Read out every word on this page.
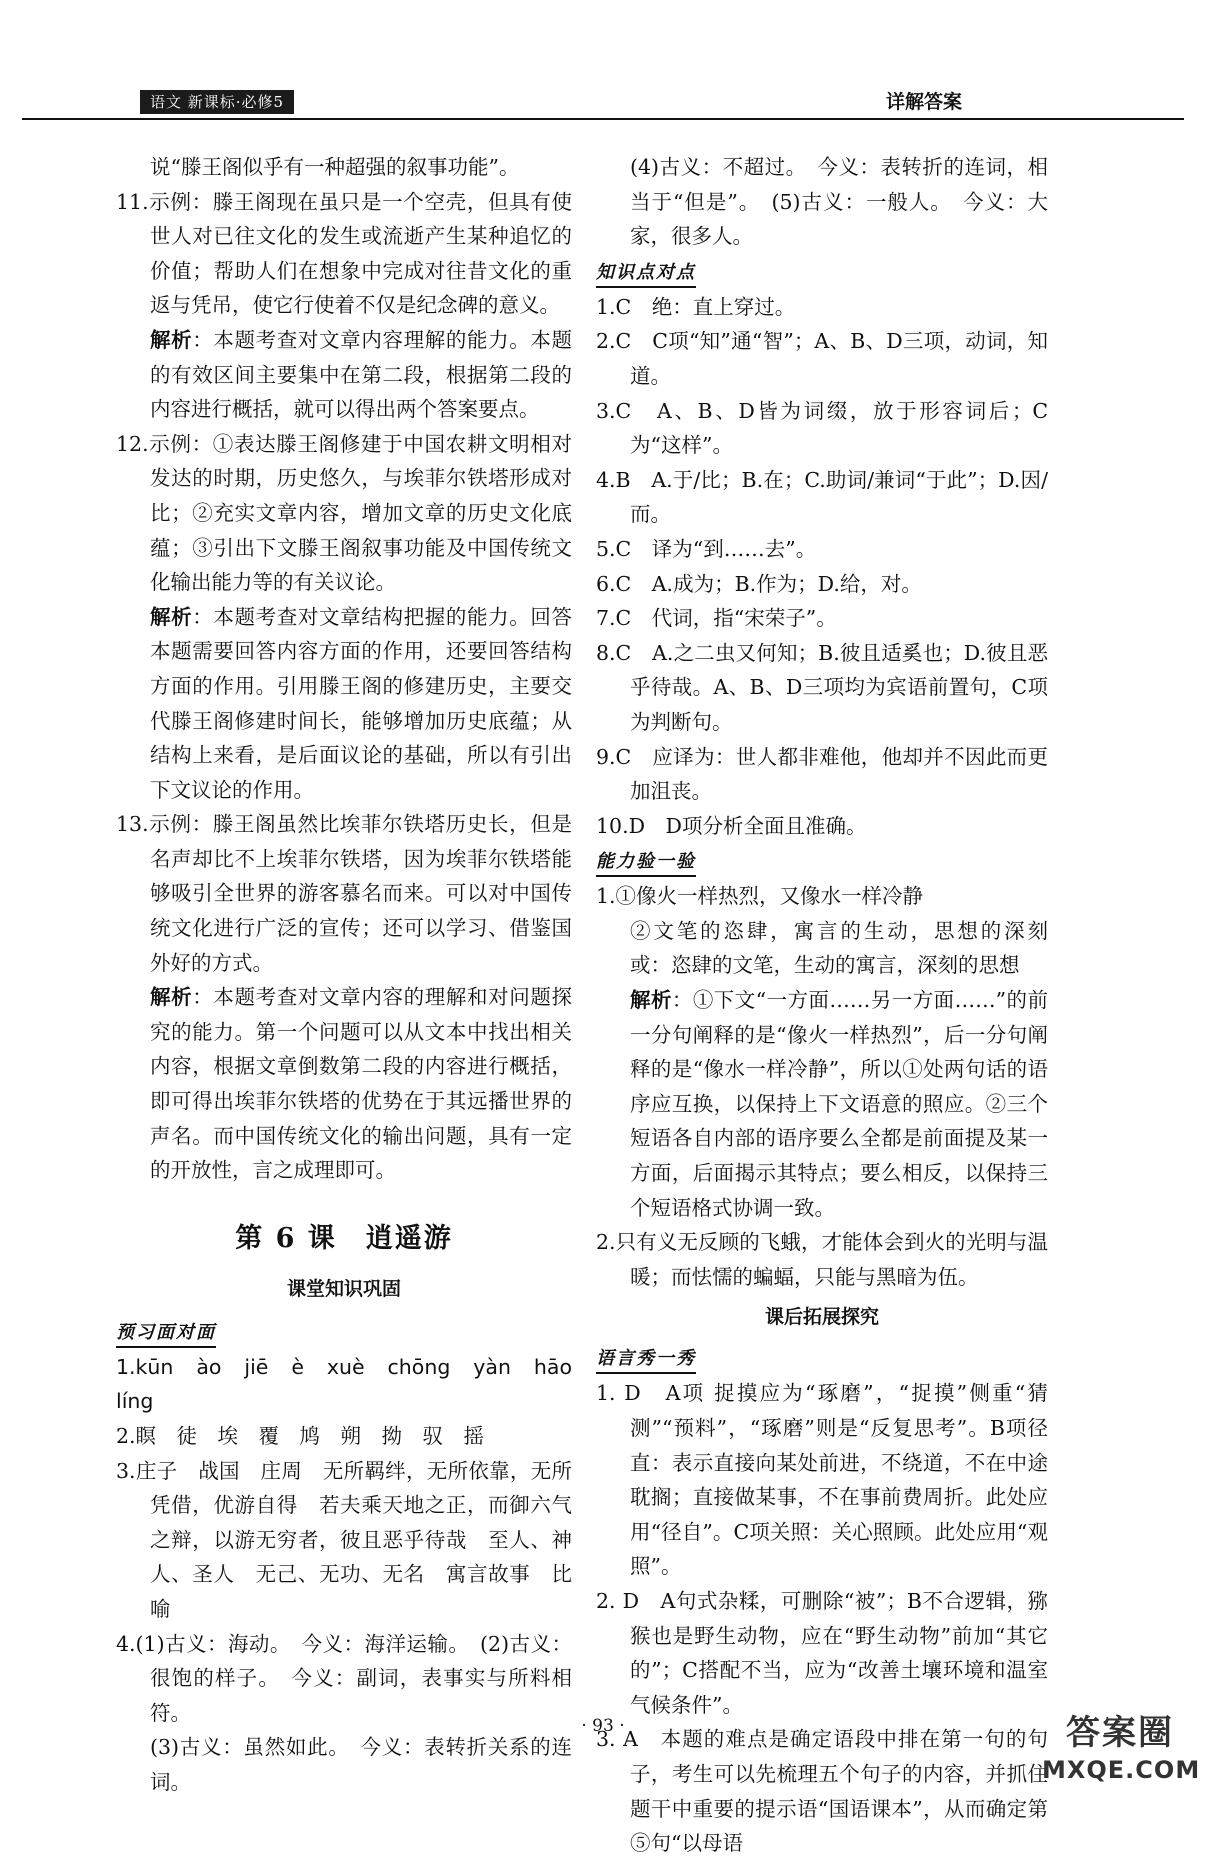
语文 新课标·必修5	详解答案

说“滕王阁似乎有一种超强的叙事功能”。

11.示例：滕王阁现在虽只是一个空壳，但具有使世人对已往文化的发生或流逝产生某种追忆的价值；帮助人们在想象中完成对往昔文化的重返与凭吊，使它行使着不仅是纪念碑的意义。

解析：本题考查对文章内容理解的能力。本题的有效区间主要集中在第二段，根据第二段的内容进行概括，就可以得出两个答案要点。

12.示例：①表达滕王阁修建于中国农耕文明相对发达的时期，历史悠久，与埃菲尔铁塔形成对比；②充实文章内容，增加文章的历史文化底蕴；③引出下文滕王阁叙事功能及中国传统文化输出能力等的有关议论。

解析：本题考查对文章结构把握的能力。回答本题需要回答内容方面的作用，还要回答结构方面的作用。引用滕王阁的修建历史，主要交代滕王阁修建时间长，能够增加历史底蕴；从结构上来看，是后面议论的基础，所以有引出下文议论的作用。

13.示例：滕王阁虽然比埃菲尔铁塔历史长，但是名声却比不上埃菲尔铁塔，因为埃菲尔铁塔能够吸引全世界的游客慕名而来。可以对中国传统文化进行广泛的宣传；还可以学习、借鉴国外好的方式。

解析：本题考查对文章内容的理解和对问题探究的能力。第一个问题可以从文本中找出相关内容，根据文章倒数第二段的内容进行概括，即可得出埃菲尔铁塔的优势在于其远播世界的声名。而中国传统文化的输出问题，具有一定的开放性，言之成理即可。

第 6 课　逍遥游
课堂知识巩固
预习面对面

1.kūn　ào　jiē　è　xuè　chōng　yàn　hāo　líng

2.瞑　徒　埃　覆　鸠　朔　拗　驭　摇

3.庄子　战国　庄周　无所羁绊，无所依靠，无所凭借，优游自得　若夫乘天地之正，而御六气之辩，以游无穷者，彼且恶乎待哉　至人、神人、圣人　无己、无功、无名　寓言故事　比喻

4.(1)古义：海动。　今义：海洋运输。　(2)古义：很饱的样子。　今义：副词，表事实与所料相符。

(3)古义：虽然如此。　今义：表转折关系的连词。

(4)古义：不超过。　今义：表转折的连词，相当于“但是”。　(5)古义：一般人。　今义：大家，很多人。

知识点对点

1.C　绝：直上穿过。

2.C　C项“知”通“智”；A、B、D三项，动词，知道。

3.C　A、B、D皆为词缀，放于形容词后；C为“这样”。

4.B　A.于/比；B.在；C.助词/兼词“于此”；D.因/而。

5.C　译为“到……去”。

6.C　A.成为；B.作为；D.给，对。

7.C　代词，指“宋荣子”。

8.C　A.之二虫又何知；B.彼且适奚也；D.彼且恶乎待哉。A、B、D三项均为宾语前置句，C项为判断句。

9.C　应译为：世人都非难他，他却并不因此而更加沮丧。

10.D　D项分析全面且准确。

能力验一验

1.①像火一样热烈，又像水一样冷静

②文笔的恣肆，寓言的生动，思想的深刻　或：恣肆的文笔，生动的寓言，深刻的思想

解析：①下文“一方面……另一方面……”的前一分句阐释的是“像火一样热烈”，后一分句阐释的是“像水一样冷静”，所以①处两句话的语序应互换，以保持上下文语意的照应。②三个短语各自内部的语序要么全都是前面提及某一方面，后面揭示其特点；要么相反，以保持三个短语格式协调一致。

2.只有义无反顾的飞蛾，才能体会到火的光明与温暖；而怯懦的蝙蝠，只能与黑暗为伍。

课后拓展探究
语言秀一秀

1. D　A项 捉摸应为“琢磨”，“捉摸”侧重“猜测”“预料”，“琢磨”则是“反复思考”。B项径直：表示直接向某处前进，不绕道，不在中途耽搁；直接做某事，不在事前费周折。此处应用“径自”。C项关照：关心照顾。此处应用“观照”。

2. D　A句式杂糅，可删除“被”；B不合逻辑，猕猴也是野生动物，应在“野生动物”前加“其它的”；C搭配不当，应为“改善土壤环境和温室气候条件”。

3. A　本题的难点是确定语段中排在第一句的句子，考生可以先梳理五个句子的内容，并抓住题干中重要的提示语“国语课本”，从而确定第⑤句“以母语

· 93 ·	答案圈
MXQE.COM
